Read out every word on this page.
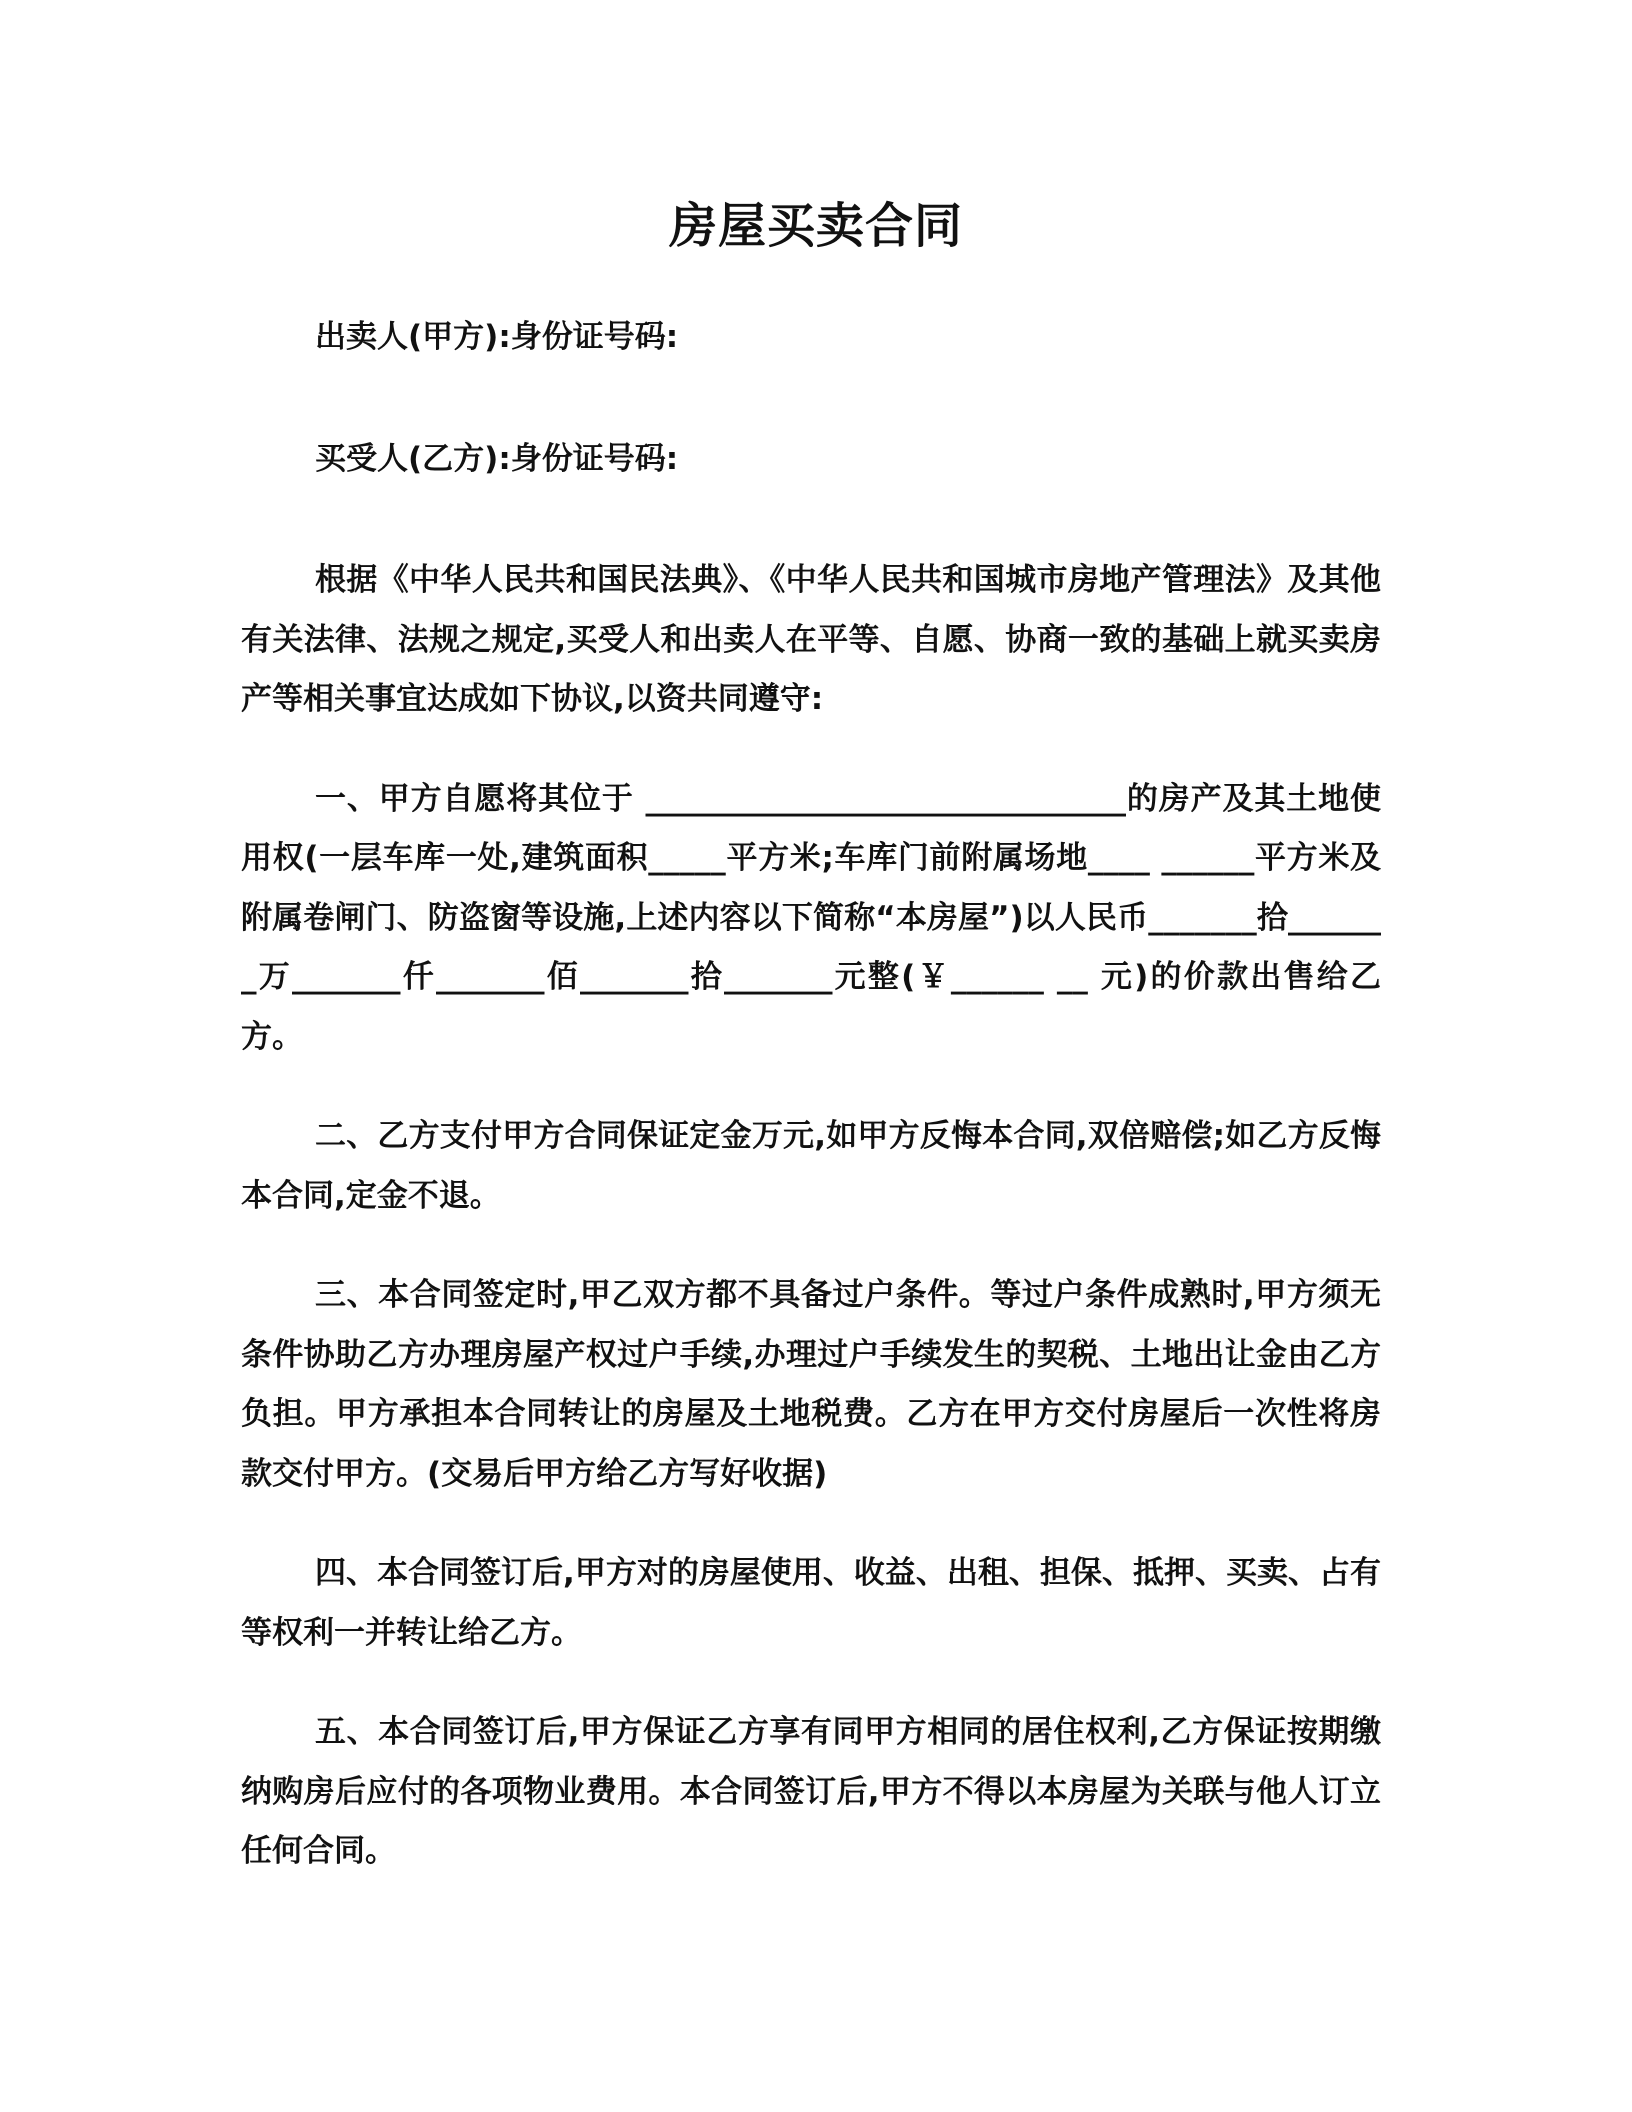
房屋买卖合同

出卖人(甲方):身份证号码:

买受人(乙方):身份证号码:

根据《中华人民共和国民法典》、《中华人民共和国城市房地产管理法》及其他有关法律、法规之规定,买受人和出卖人在平等、自愿、协商一致的基础上就买卖房产等相关事宜达成如下协议,以资共同遵守:

一、甲方自愿将其位于 _______________________________的房产及其土地使用权(一层车库一处,建筑面积_____平方米;车库门前附属场地____ ______平方米及附属卷闸门、防盗窗等设施,上述内容以下简称“本房屋”)以人民币_______拾_______万_______仟_______佰_______拾_______元整(￥______ __ 元)的价款出售给乙方。

二、乙方支付甲方合同保证定金万元,如甲方反悔本合同,双倍赔偿;如乙方反悔本合同,定金不退。

三、本合同签定时,甲乙双方都不具备过户条件。等过户条件成熟时,甲方须无条件协助乙方办理房屋产权过户手续,办理过户手续发生的契税、土地出让金由乙方负担。甲方承担本合同转让的房屋及土地税费。乙方在甲方交付房屋后一次性将房款交付甲方。(交易后甲方给乙方写好收据)

四、本合同签订后,甲方对的房屋使用、收益、出租、担保、抵押、买卖、占有等权利一并转让给乙方。

五、本合同签订后,甲方保证乙方享有同甲方相同的居住权利,乙方保证按期缴纳购房后应付的各项物业费用。本合同签订后,甲方不得以本房屋为关联与他人订立任何合同。
